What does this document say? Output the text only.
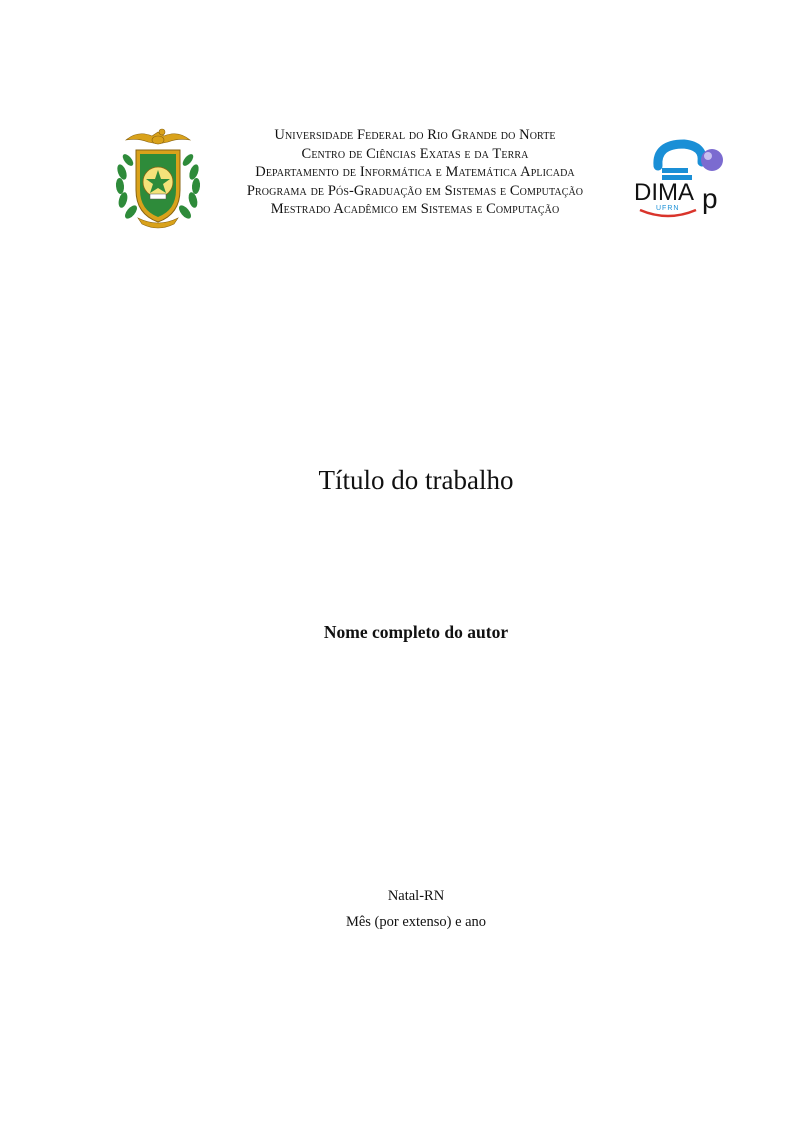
Universidade Federal do Rio Grande do Norte
Centro de Ciências Exatas e da Terra
Departamento de Informática e Matemática Aplicada
Programa de Pós-Graduação em Sistemas e Computação
Mestrado Acadêmico em Sistemas e Computação
DIMA p
UFRN
Título do trabalho
Nome completo do autor
Natal-RN
Mês (por extenso) e ano
